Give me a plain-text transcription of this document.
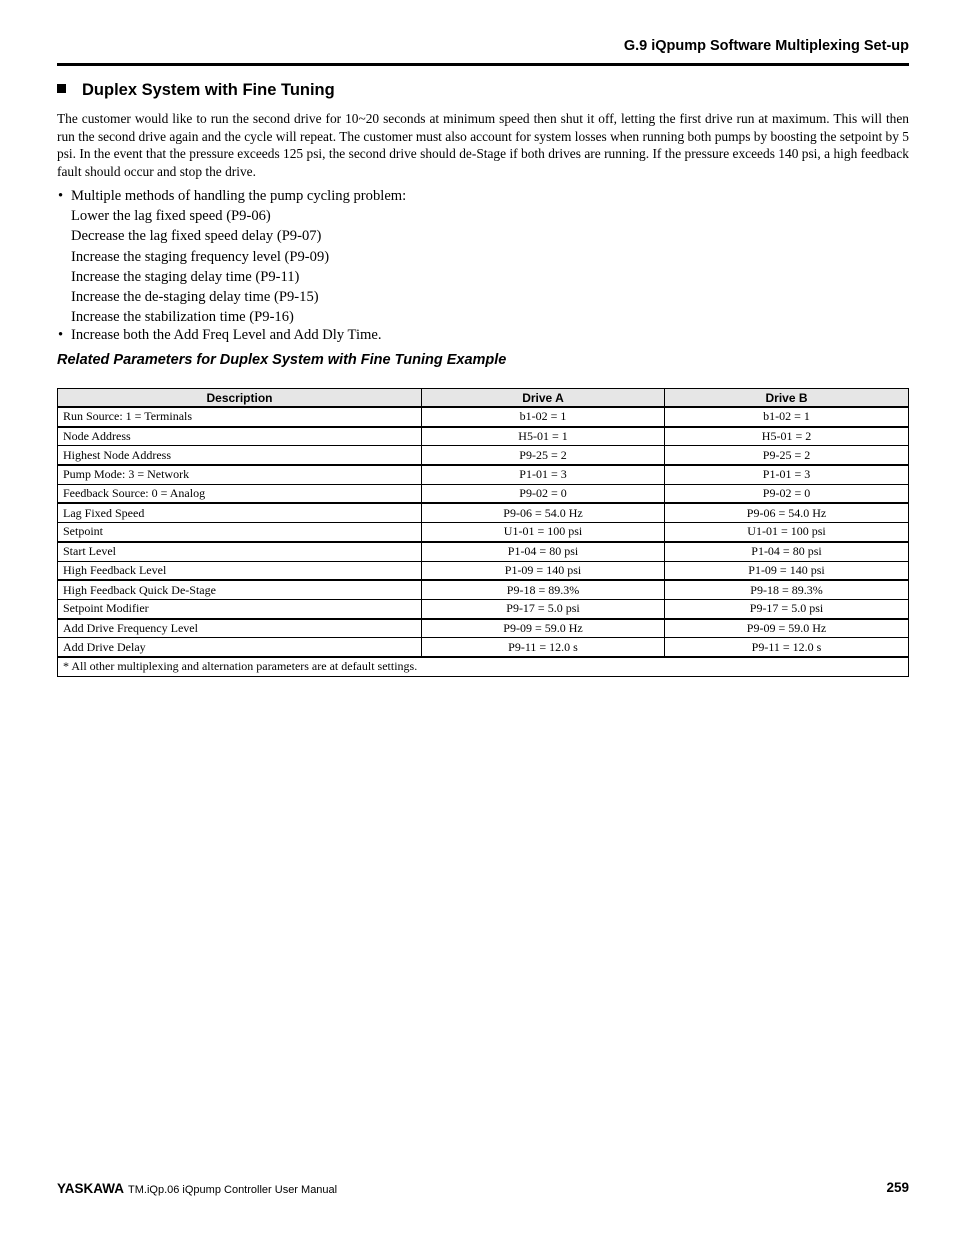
G.9 iQpump Software Multiplexing Set-up
Duplex System with Fine Tuning

The customer would like to run the second drive for 10~20 seconds at minimum speed then shut it off, letting the first drive run at maximum. This will then run the second drive again and the cycle will repeat. The customer must also account for system losses when running both pumps by boosting the setpoint by 5 psi. In the event that the pressure exceeds 125 psi, the second drive should de-Stage if both drives are running. If the pressure exceeds 140 psi, a high feedback fault should occur and stop the drive.

• Multiple methods of handling the pump cycling problem:
Lower the lag fixed speed (P9-06)
Decrease the lag fixed speed delay (P9-07)
Increase the staging frequency level (P9-09)
Increase the staging delay time (P9-11)
Increase the de-staging delay time (P9-15)
Increase the stabilization time (P9-16)
• Increase both the Add Freq Level and Add Dly Time.
Related Parameters for Duplex System with Fine Tuning Example
Description	Drive A	Drive B
Run Source: 1 = Terminals	b1-02 = 1	b1-02 = 1
Node Address	H5-01 = 1	H5-01 = 2
Highest Node Address	P9-25 = 2	P9-25 = 2
Pump Mode: 3 = Network	P1-01 = 3	P1-01 = 3
Feedback Source: 0 = Analog	P9-02 = 0	P9-02 = 0
Lag Fixed Speed	P9-06 = 54.0 Hz	P9-06 = 54.0 Hz
Setpoint	U1-01 = 100 psi	U1-01 = 100 psi
Start Level	P1-04 = 80 psi	P1-04 = 80 psi
High Feedback Level	P1-09 = 140 psi	P1-09 = 140 psi
High Feedback Quick De-Stage	P9-18 = 89.3%	P9-18 = 89.3%
Setpoint Modifier	P9-17 = 5.0 psi	P9-17 = 5.0 psi
Add Drive Frequency Level	P9-09 = 59.0 Hz	P9-09 = 59.0 Hz
Add Drive Delay	P9-11 = 12.0 s	P9-11 = 12.0 s
* All other multiplexing and alternation parameters are at default settings.		
YASKAWA TM.iQp.06 iQpump Controller User Manual	259
